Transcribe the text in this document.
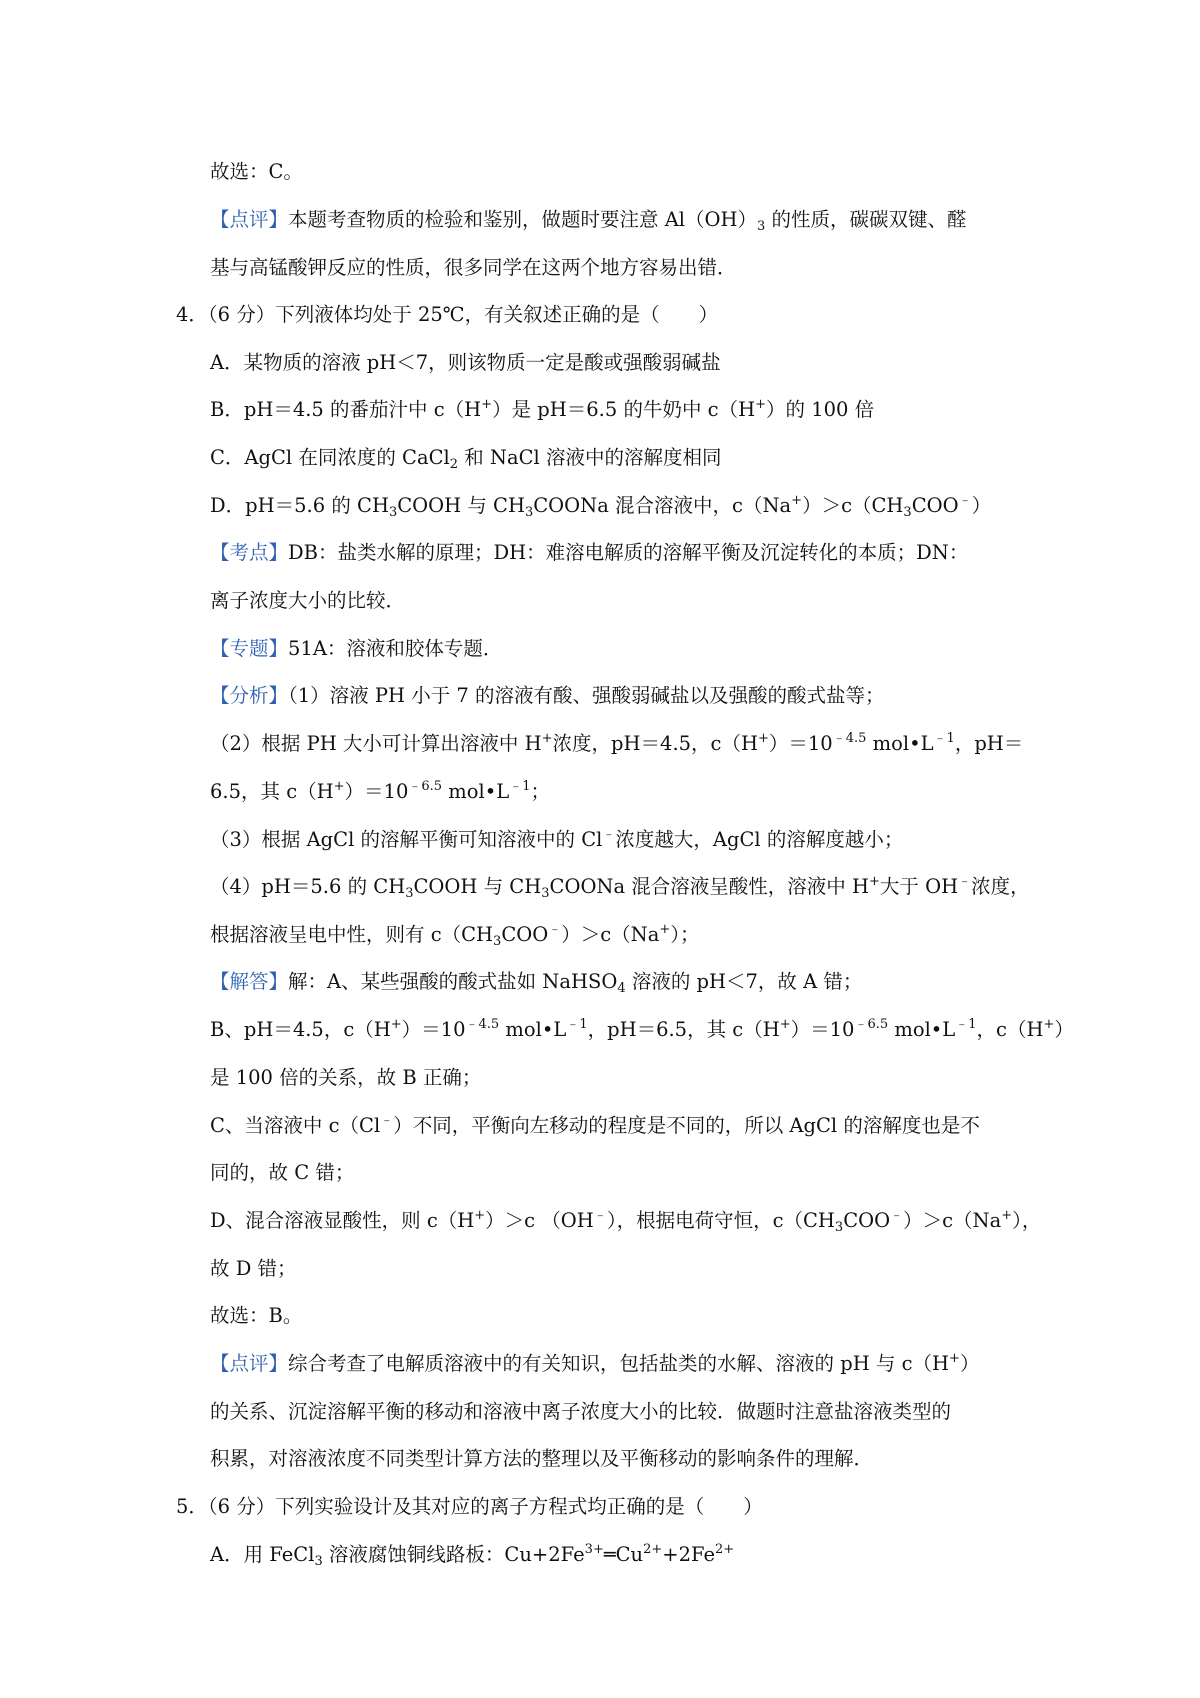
故选：C。
【点评】本题考查物质的检验和鉴别，做题时要注意 $Al(OH)_3$ 的性质，碳碳双键、醛
基与高锰酸钾反应的性质，很多同学在这两个地方容易出错．
4．（6 分）下列液体均处于 25℃，有关叙述正确的是（　　）
A．某物质的溶液 pH＜7，则该物质一定是酸或强酸弱碱盐
B．pH＝4.5 的番茄汁中 c（H+）是 pH＝6.5 的牛奶中 c（H+）的 100 倍
C．AgCl 在同浓度的 CaCl$_2$ 和 NaCl 溶液中的溶解度相同
D．pH＝5.6 的 $CH_3COOH$ 与 $CH_3COONa$ 混合溶液中，$c(Na^+)>c(CH_3COO^﹣)$
【考点】DB：盐类水解的原理；DH：难溶电解质的溶解平衡及沉淀转化的本质；DN：
离子浓度大小的比较．
【专题】51A：溶液和胶体专题．
【分析】（1）溶液 PH 小于 7 的溶液有酸、强酸弱碱盐以及强酸的酸式盐等；
（2）根据 PH 大小可计算出溶液中 H+浓度，pH＝4.5，$c(H^+)=10^{﹣4.5}$ $mol•L^{﹣1}$，pH＝
6.5，其 $c(H^+)=10^{﹣6.5}$ $mol•L^{﹣1}$；
（3）根据 AgCl 的溶解平衡可知溶液中的 Cl﹣浓度越大，AgCl 的溶解度越小；
（4）pH＝5.6 的 $CH_3COOH$ 与 $CH_3COONa$ 混合溶液呈酸性，溶液中 H+大于 OH﹣浓度，
根据溶液呈电中性，则有 $c(CH_3COO^﹣)>c(Na^+)$；
【解答】解：A、某些强酸的酸式盐如 NaHSO$_4$ 溶液的 pH＜7，故 A 错；
B、pH＝4.5，$c(H^+)=10^{﹣4.5}$ $mol•L^{﹣1}$，pH＝6.5，其 $c(H^+)=10^{﹣6.5}$ $mol•L^{﹣1}$，c（H+）
是 100 倍的关系，故 B 正确；
C、当溶液中 c（Cl﹣）不同，平衡向左移动的程度是不同的，所以 AgCl 的溶解度也是不
同的，故 C 错；
D、混合溶液显酸性，则 c（H+）＞c （OH﹣），根据电荷守恒，$c(CH_3COO^﹣)>c(Na^+)$，
故 D 错；
故选：B。
【点评】综合考查了电解质溶液中的有关知识，包括盐类的水解、溶液的 pH 与 c（H+）
的关系、沉淀溶解平衡的移动和溶液中离子浓度大小的比较．做题时注意盐溶液类型的
积累，对溶液浓度不同类型计算方法的整理以及平衡移动的影响条件的理解．
5．（6 分）下列实验设计及其对应的离子方程式均正确的是（　　）
A．用 FeCl$_3$ 溶液腐蚀铜线路板：$Cu+2Fe^{3+}═Cu^{2+}+2Fe^{2+}$
